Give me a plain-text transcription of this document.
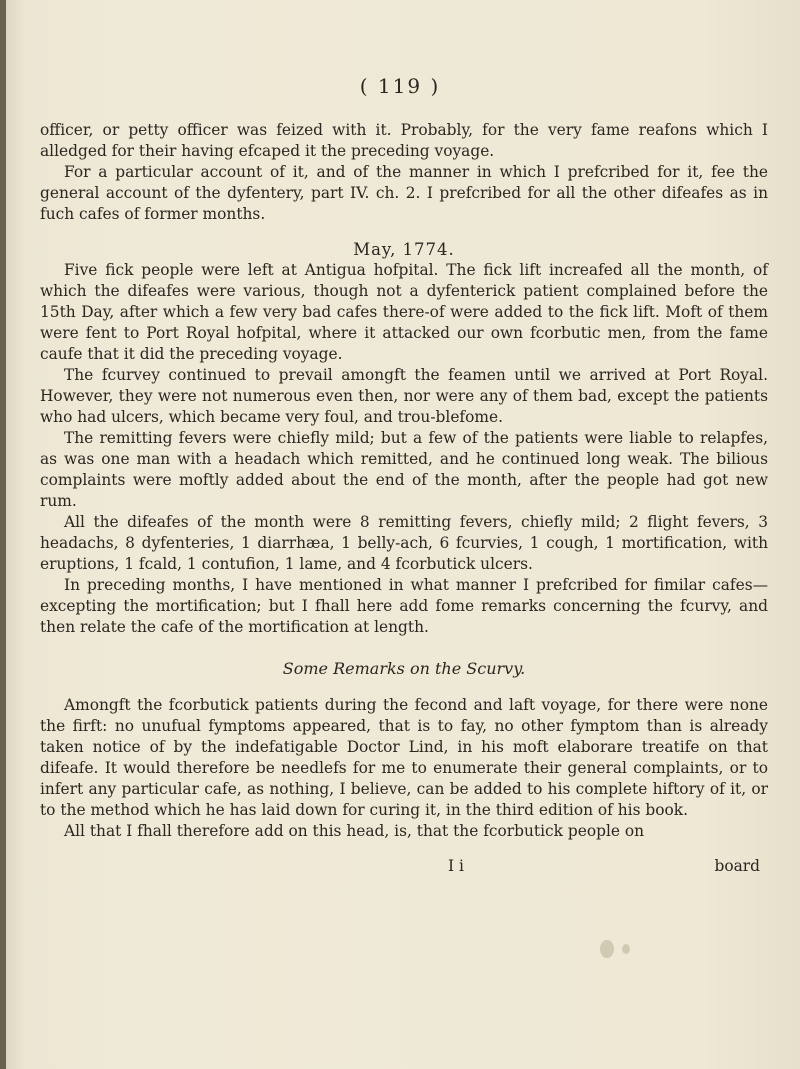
( 119 )

officer, or petty officer was feized with it. Probably, for the very fame reafons which I alledged for their having efcaped it the preceding voyage.

For a particular account of it, and of the manner in which I prefcribed for it, fee the general account of the dyfentery, part IV. ch. 2. I prefcribed for all the other difeafes as in fuch cafes of former months.

May, 1774.

Five fick people were left at Antigua hofpital. The fick lift increafed all the month, of which the difeafes were various, though not a dyfenterick patient complained before the 15th Day, after which a few very bad cafes there-of were added to the fick lift. Moft of them were fent to Port Royal hofpital, where it attacked our own fcorbutic men, from the fame caufe that it did the preceding voyage.

The fcurvey continued to prevail amongft the feamen until we arrived at Port Royal. However, they were not numerous even then, nor were any of them bad, except the patients who had ulcers, which became very foul, and trou-blefome.

The remitting fevers were chiefly mild; but a few of the patients were liable to relapfes, as was one man with a headach which remitted, and he continued long weak. The bilious complaints were moftly added about the end of the month, after the people had got new rum.

All the difeafes of the month were 8 remitting fevers, chiefly mild; 2 flight fevers, 3 headachs, 8 dyfenteries, 1 diarrhæa, 1 belly-ach, 6 fcurvies, 1 cough, 1 mortification, with eruptions, 1 fcald, 1 contufion, 1 lame, and 4 fcorbutick ulcers.

In preceding months, I have mentioned in what manner I prefcribed for fimilar cafes—excepting the mortification; but I fhall here add fome remarks concerning the fcurvy, and then relate the cafe of the mortification at length.

Some Remarks on the Scurvy.

Amongft the fcorbutick patients during the fecond and laft voyage, for there were none the firft: no unufual fymptoms appeared, that is to fay, no other fymptom than is already taken notice of by the indefatigable Doctor Lind, in his moft elaborare treatife on that difeafe. It would therefore be needlefs for me to enumerate their general complaints, or to infert any particular cafe, as nothing, I believe, can be added to his complete hiftory of it, or to the method which he has laid down for curing it, in the third edition of his book.

All that I fhall therefore add on this head, is, that the fcorbutick people on

I i	board
